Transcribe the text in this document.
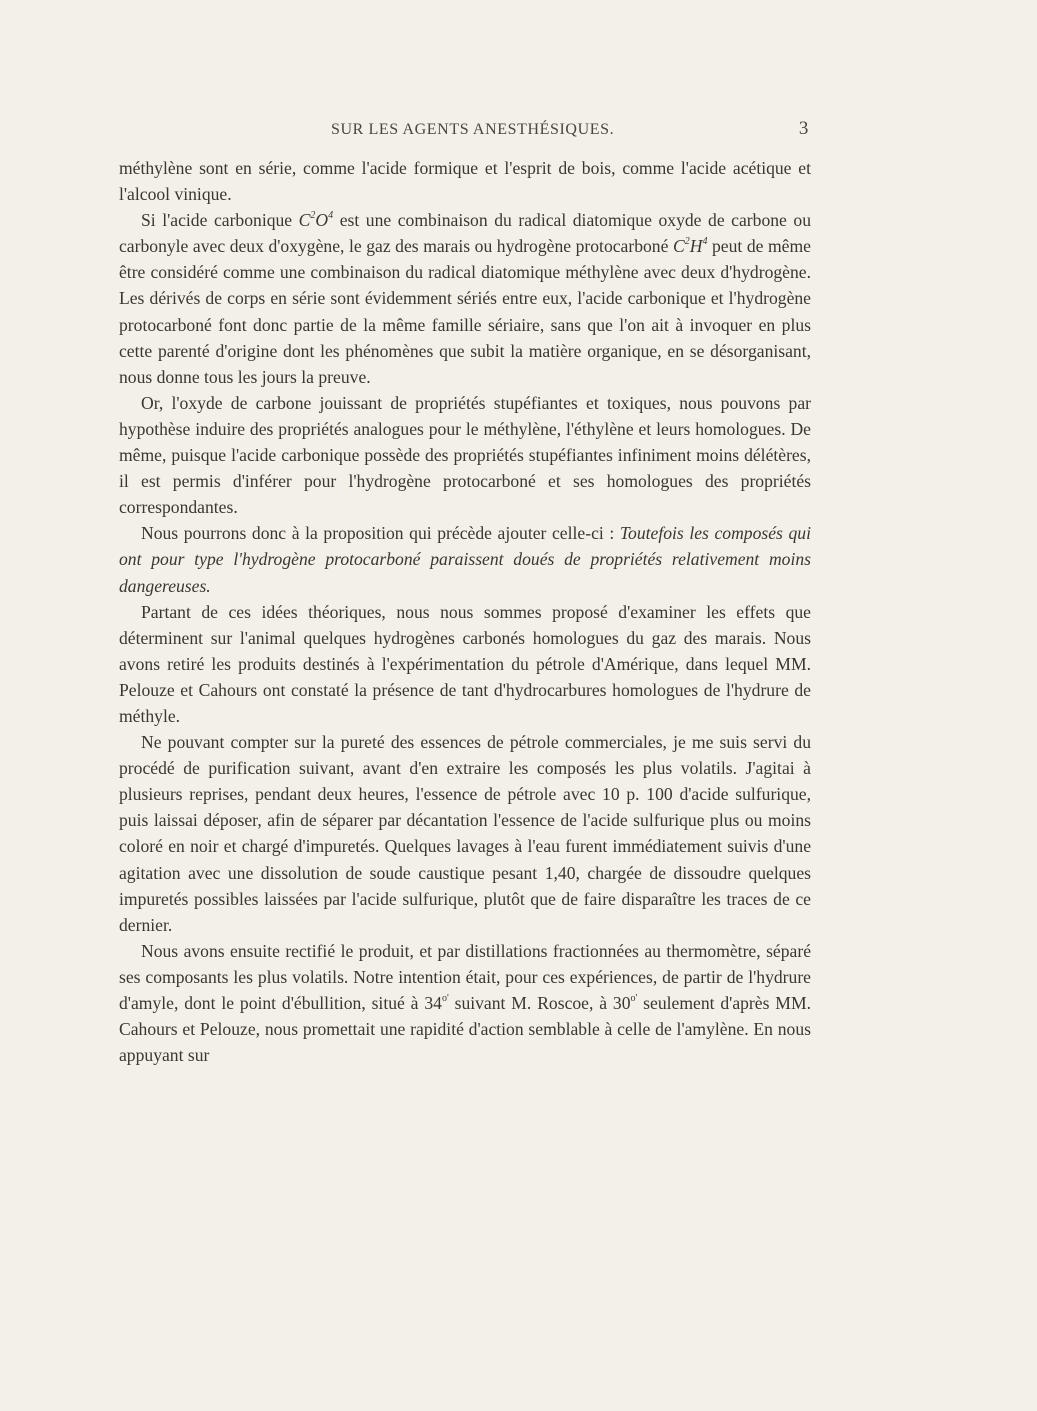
SUR LES AGENTS ANESTHÉSIQUES.	3

méthylène sont en série, comme l'acide formique et l'esprit de bois, comme l'acide acétique et l'alcool vinique.

Si l'acide carbonique $C^2O^4$ est une combinaison du radical diatomique oxyde de carbone ou carbonyle avec deux d'oxygène, le gaz des marais ou hydrogène protocarboné $C^2H^4$ peut de même être considéré comme une combinaison du radical diatomique méthylène avec deux d'hydrogène. Les dérivés de corps en série sont évidemment sériés entre eux, l'acide carbonique et l'hydrogène protocarboné font donc partie de la même famille sériaire, sans que l'on ait à invoquer en plus cette parenté d'origine dont les phénomènes que subit la matière organique, en se désorganisant, nous donne tous les jours la preuve.

Or, l'oxyde de carbone jouissant de propriétés stupéfiantes et toxiques, nous pouvons par hypothèse induire des propriétés analogues pour le méthylène, l'éthylène et leurs homologues. De même, puisque l'acide carbonique possède des propriétés stupéfiantes infiniment moins délétères, il est permis d'inférer pour l'hydrogène protocarboné et ses homologues des propriétés correspondantes.

Nous pourrons donc à la proposition qui précède ajouter celle-ci : Toutefois les composés qui ont pour type l'hydrogène protocarboné paraissent doués de propriétés relativement moins dangereuses.

Partant de ces idées théoriques, nous nous sommes proposé d'examiner les effets que déterminent sur l'animal quelques hydrogènes carbonés homologues du gaz des marais. Nous avons retiré les produits destinés à l'expérimentation du pétrole d'Amérique, dans lequel MM. Pelouze et Cahours ont constaté la présence de tant d'hydrocarbures homologues de l'hydrure de méthyle.

Ne pouvant compter sur la pureté des essences de pétrole commerciales, je me suis servi du procédé de purification suivant, avant d'en extraire les composés les plus volatils. J'agitai à plusieurs reprises, pendant deux heures, l'essence de pétrole avec 10 p. 100 d'acide sulfurique, puis laissai déposer, afin de séparer par décantation l'essence de l'acide sulfurique plus ou moins coloré en noir et chargé d'impuretés. Quelques lavages à l'eau furent immédiatement suivis d'une agitation avec une dissolution de soude caustique pesant 1,40, chargée de dissoudre quelques impuretés possibles laissées par l'acide sulfurique, plutôt que de faire disparaître les traces de ce dernier.

Nous avons ensuite rectifié le produit, et par distillations fractionnées au thermomètre, séparé ses composants les plus volatils. Notre intention était, pour ces expériences, de partir de l'hydrure d'amyle, dont le point d'ébullition, situé à $34^{o'}$ suivant M. Roscoe, à $30^{o'}$ seulement d'après MM. Cahours et Pelouze, nous promettait une rapidité d'action semblable à celle de l'amylène. En nous appuyant sur
